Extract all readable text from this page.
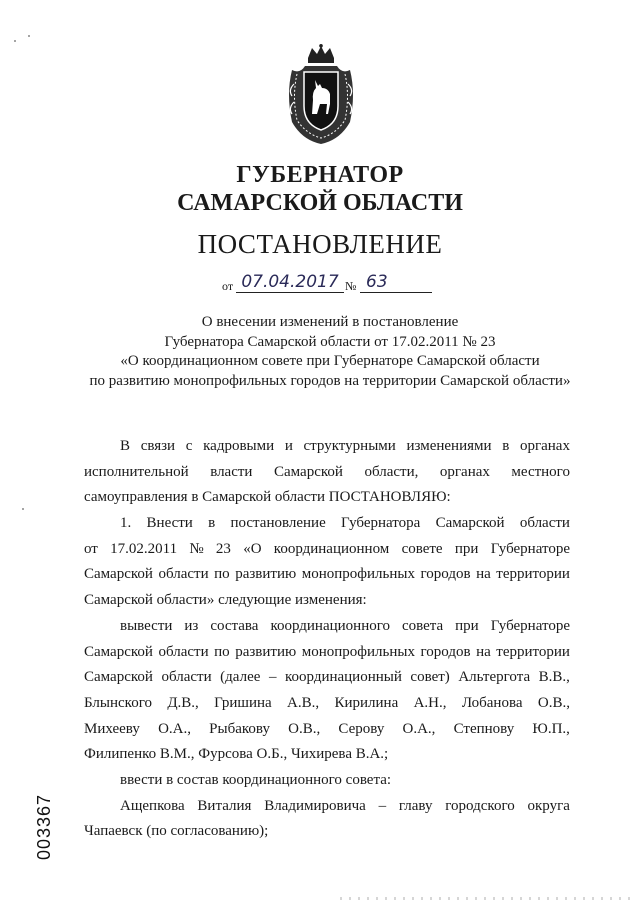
ГУБЕРНАТОР
САМАРСКОЙ ОБЛАСТИ
ПОСТАНОВЛЕНИЕ
от 07.04.2017 № 63
О внесении изменений в постановление
Губернатора Самарской области от 17.02.2011 № 23
«О координационном совете при Губернаторе Самарской области
по развитию монопрофильных городов на территории Самарской области»
В связи с кадровыми и структурными изменениями в органах
исполнительной власти Самарской области, органах местного
самоуправления в Самарской области ПОСТАНОВЛЯЮ:
1. Внести в постановление Губернатора Самарской области
от 17.02.2011 № 23 «О координационном совете при Губернаторе
Самарской области по развитию монопрофильных городов на территории
Самарской области» следующие изменения:
вывести из состава координационного совета при Губернаторе
Самарской области по развитию монопрофильных городов на территории
Самарской области (далее – координационный совет) Альтергота В.В.,
Блынского Д.В., Гришина А.В., Кирилина А.Н., Лобанова О.В.,
Михееву О.А., Рыбакову О.В., Серову О.А., Степнову Ю.П.,
Филипенко В.М., Фурсова О.Б., Чихирева В.А.;
ввести в состав координационного совета:
Ащепкова Виталия Владимировича – главу городского округа
Чапаевск (по согласованию);
003367
